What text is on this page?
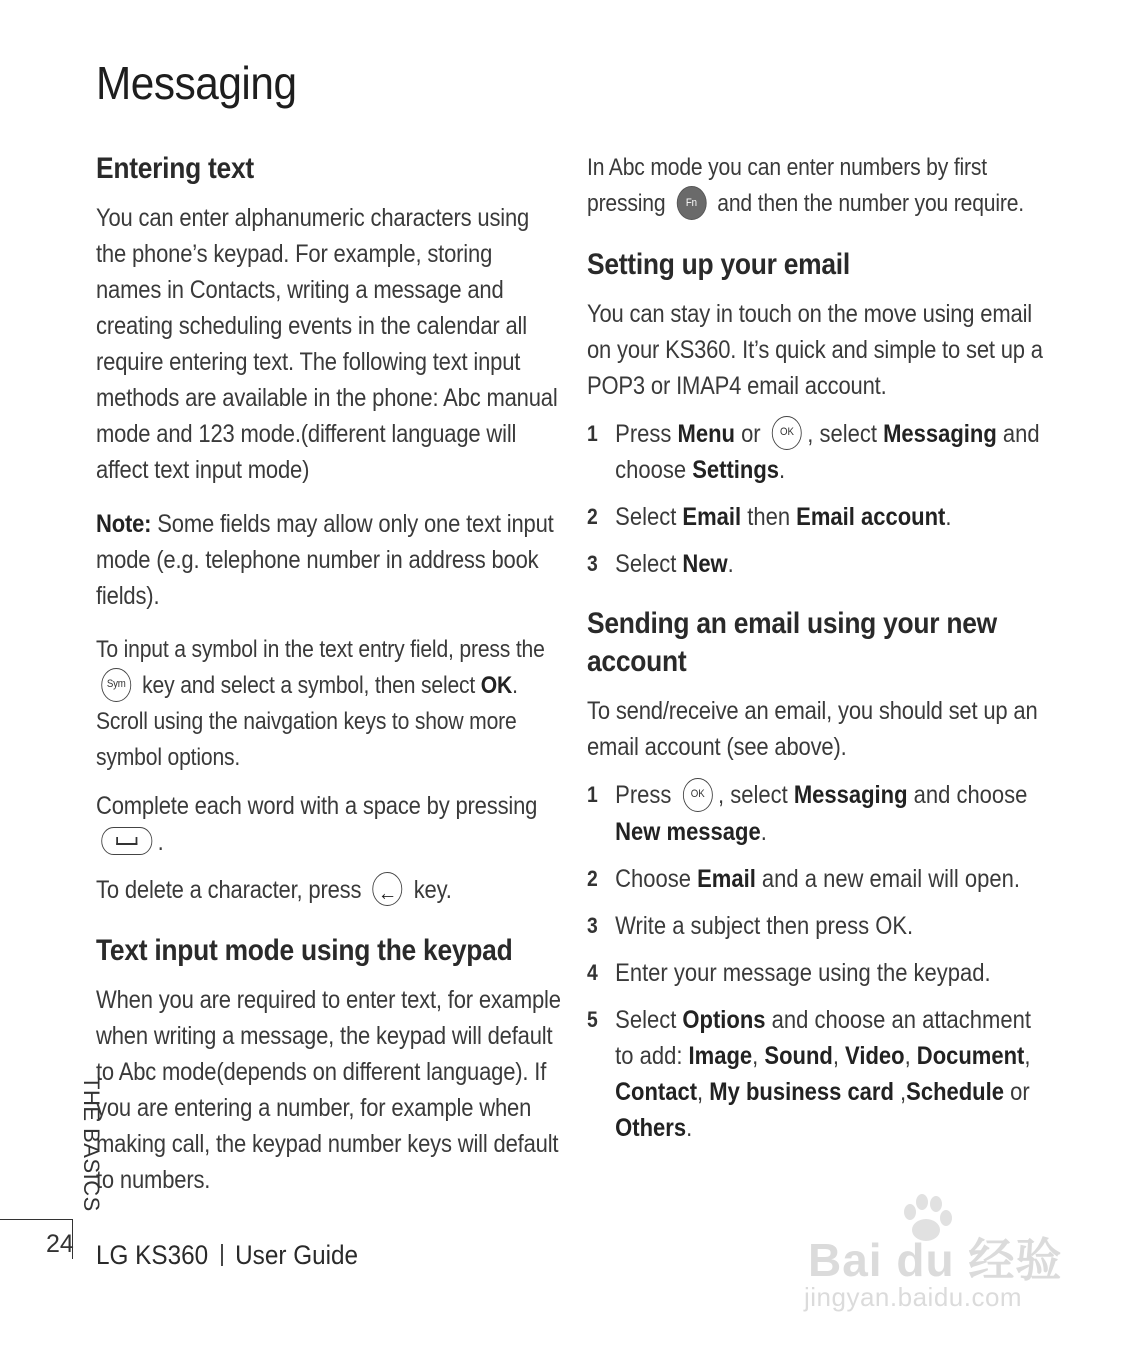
Messaging
Entering text

You can enter alphanumeric characters using the phone’s keypad. For example, storing names in Contacts, writing a message and creating scheduling events in the calendar all require entering text. The following text input methods are available in the phone: Abc manual mode and 123 mode.(different language will affect text input mode)

Note: Some fields may allow only one text input mode (e.g. telephone number in address book fields).

To input a symbol in the text entry field, press the Sym key and select a symbol, then select OK. Scroll using the naivgation keys to show more symbol options.

Complete each word with a space by pressing .

To delete a character, press ← key.

Text input mode using the keypad

When you are required to enter text, for example when writing a message, the keypad will default to Abc mode(depends on different language). If you are entering a number, for example when making call, the keypad number keys will default to numbers.

In Abc mode you can enter numbers by first pressing Fn and then the number you require.

Setting up your email

You can stay in touch on the move using email on your KS360. It’s quick and simple to set up a POP3 or IMAP4 email account.

1 Press Menu or OK , select Messaging and choose Settings.
2 Select Email then Email account.
3 Select New.
Sending an email using your new account

To send/receive an email, you should set up an email account (see above).

1 Press OK , select Messaging and choose New message.
2 Choose Email and a new email will open.
3 Write a subject then press OK.
4 Enter your message using the keypad.
5 Select Options and choose an attachment to add: Image, Sound, Video, Document, Contact, My business card ,Schedule or Others.
THE BASICS
24 LG KS360 User Guide	Bai du 经验
jingyan.baidu.com
